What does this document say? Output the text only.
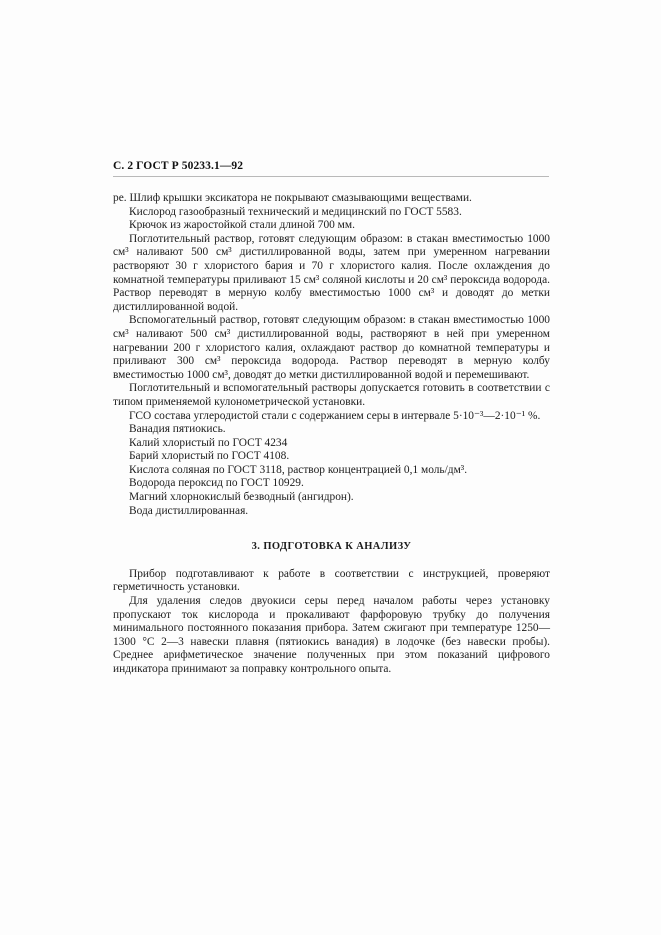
С. 2 ГОСТ Р 50233.1—92

ре. Шлиф крышки эксикатора не покрывают смазывающими веществами.

Кислород газообразный технический и медицинский по ГОСТ 5583.

Крючок из жаростойкой стали длиной 700 мм.

Поглотительный раствор, готовят следующим образом: в стакан вместимостью 1000 см³ наливают 500 см³ дистиллированной воды, затем при умеренном нагревании растворяют 30 г хлористого бария и 70 г хлористого калия. После охлаждения до комнатной температуры приливают 15 см³ соляной кислоты и 20 см³ пероксида водорода. Раствор переводят в мерную колбу вместимостью 1000 см³ и доводят до метки дистиллированной водой.

Вспомогательный раствор, готовят следующим образом: в стакан вместимостью 1000 см³ наливают 500 см³ дистиллированной воды, растворяют в ней при умеренном нагревании 200 г хлористого калия, охлаждают раствор до комнатной температуры и приливают 300 см³ пероксида водорода. Раствор переводят в мерную колбу вместимостью 1000 см³, доводят до метки дистиллированной водой и перемешивают.

Поглотительный и вспомогательный растворы допускается готовить в соответствии с типом применяемой кулонометрической установки.

ГСО состава углеродистой стали с содержанием серы в интервале 5·10⁻³—2·10⁻¹ %.

Ванадия пятиокись.

Калий хлористый по ГОСТ 4234

Барий хлористый по ГОСТ 4108.

Кислота соляная по ГОСТ 3118, раствор концентрацией 0,1 моль/дм³.

Водорода пероксид по ГОСТ 10929.

Магний хлорнокислый безводный (ангидрон).

Вода дистиллированная.

3. ПОДГОТОВКА К АНАЛИЗУ

Прибор подготавливают к работе в соответствии с инструкцией, проверяют герметичность установки.

Для удаления следов двуокиси серы перед началом работы через установку пропускают ток кислорода и прокаливают фарфоровую трубку до получения минимального постоянного показания прибора. Затем сжигают при температуре 1250—1300 °С 2—3 навески плавня (пятиокись ванадия) в лодочке (без навески пробы). Среднее арифметическое значение полученных при этом показаний цифрового индикатора принимают за поправку контрольного опыта.
